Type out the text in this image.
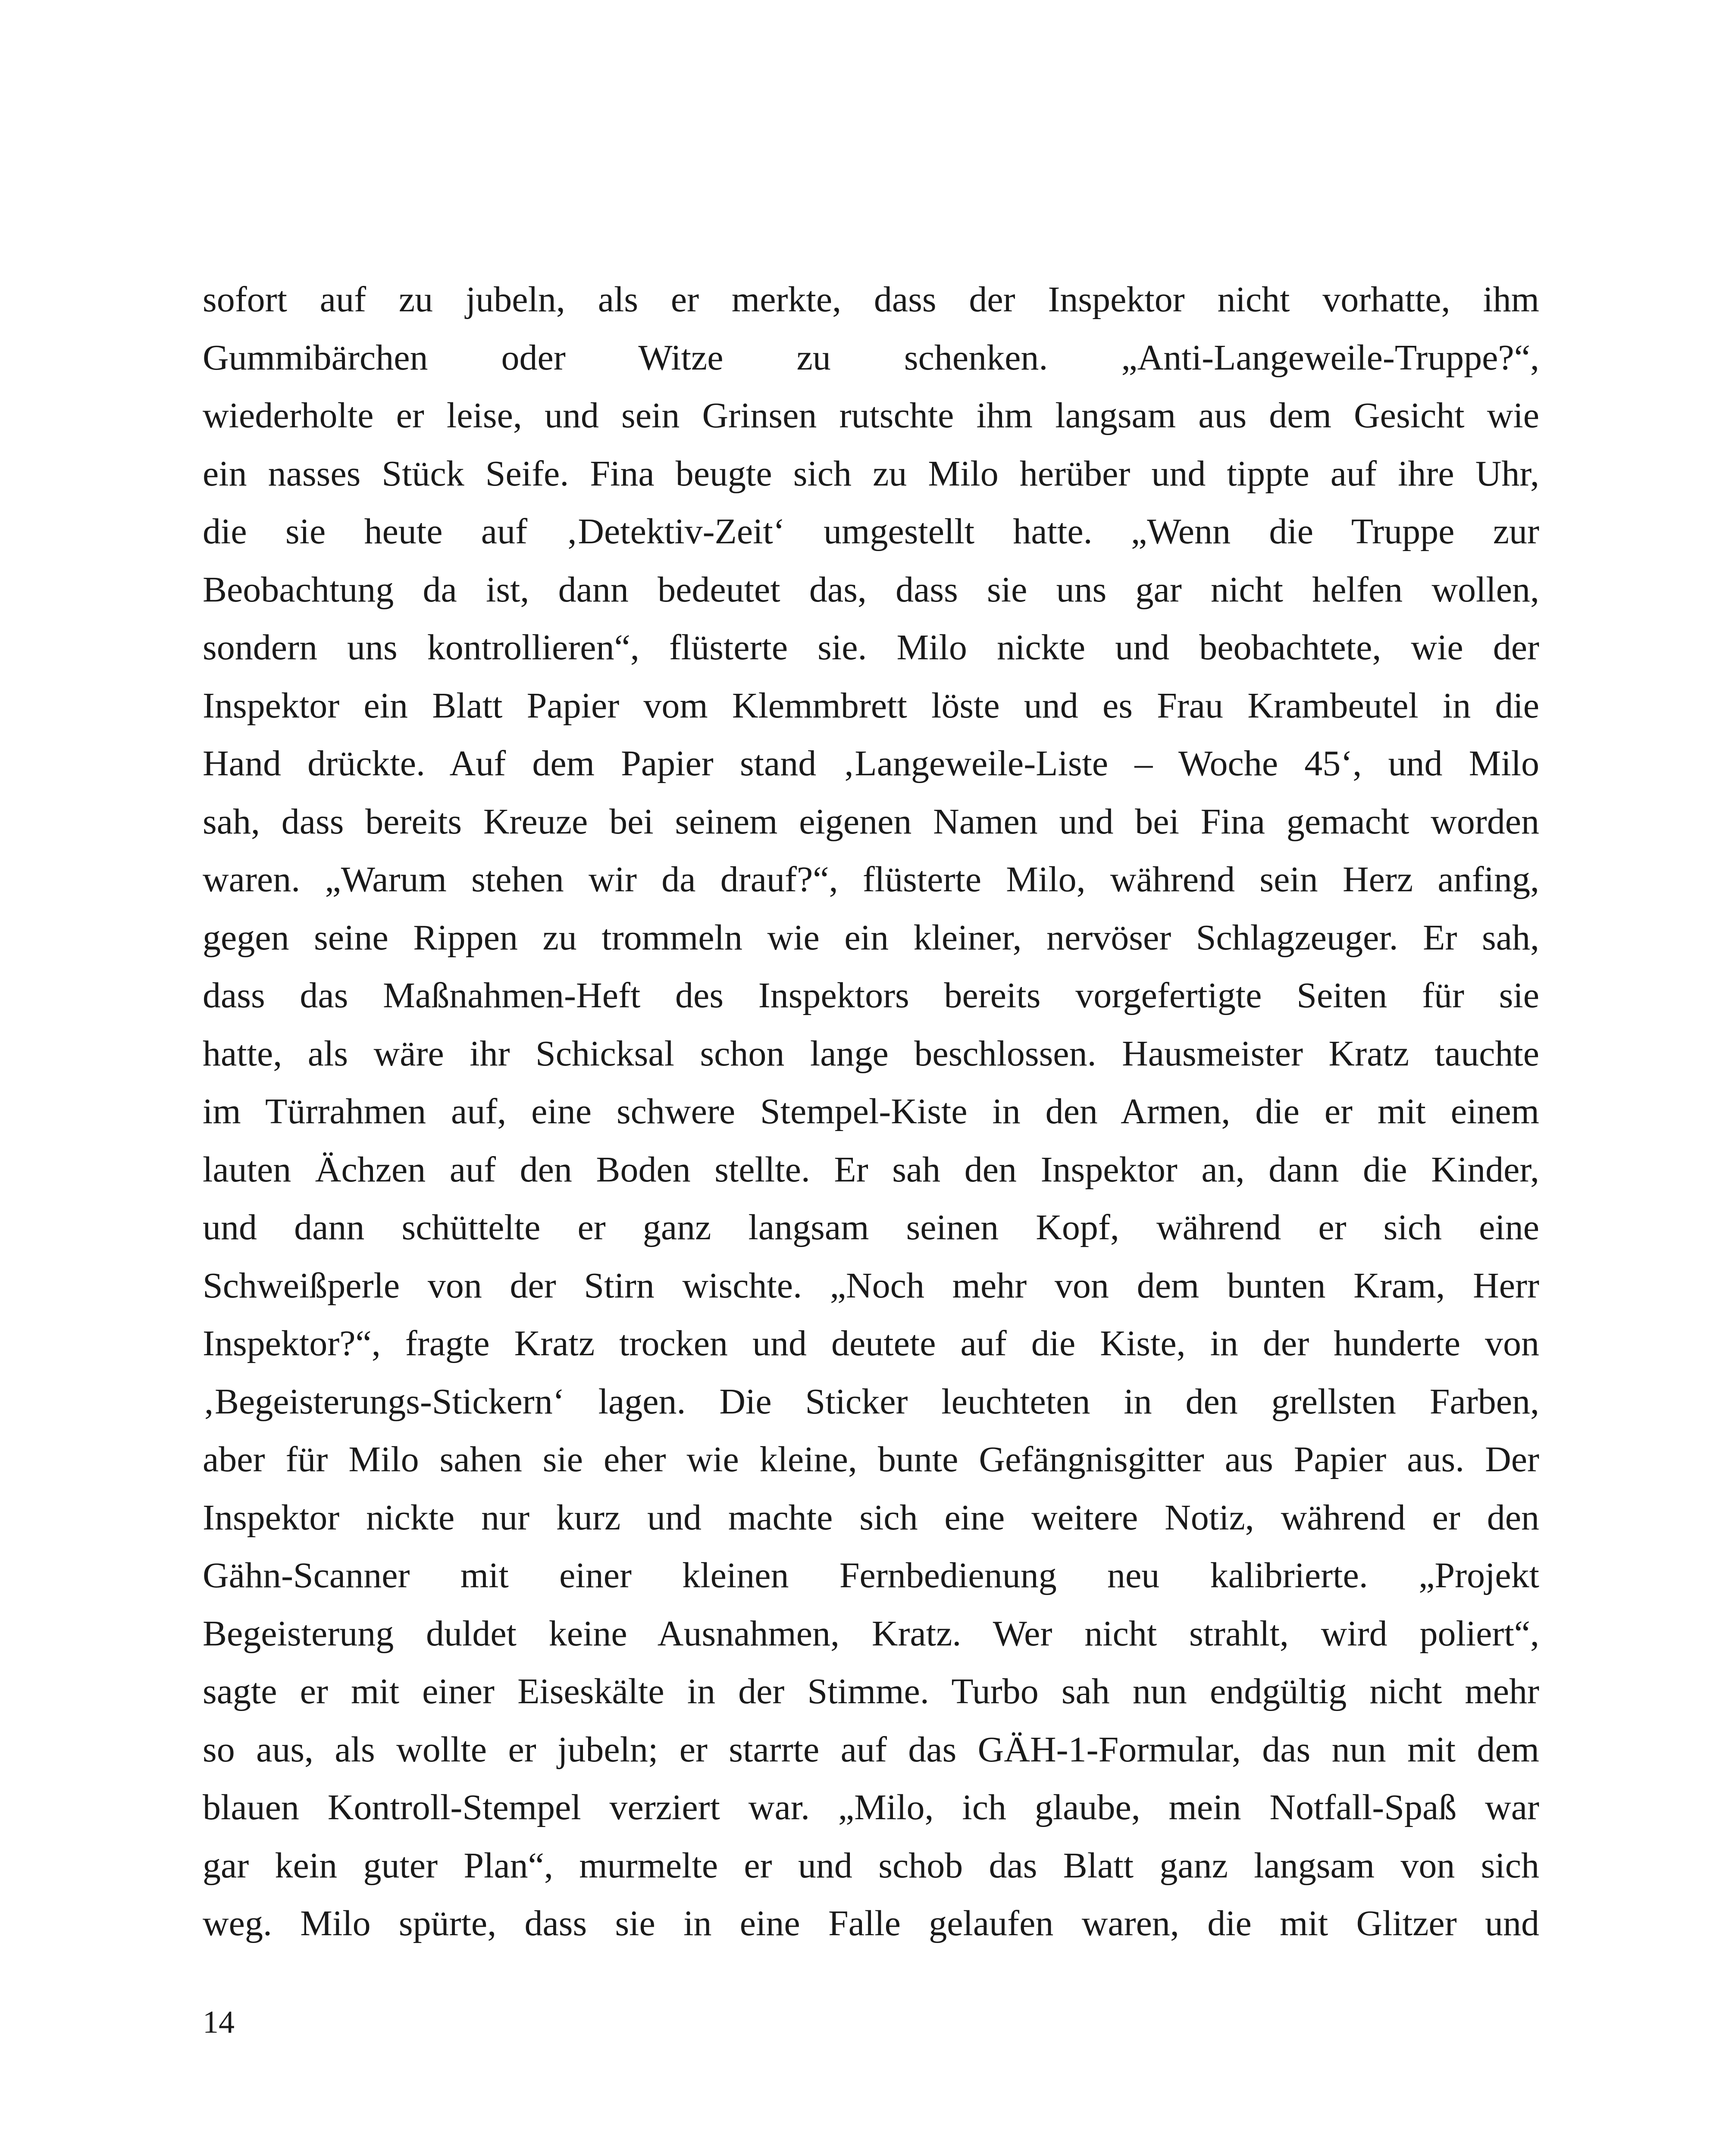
sofort auf zu jubeln, als er merkte, dass der Inspektor nicht vorhatte, ihm
Gummibärchen oder Witze zu schenken. „Anti-Langeweile-Truppe?“,
wiederholte er leise, und sein Grinsen rutschte ihm langsam aus dem Gesicht wie
ein nasses Stück Seife. Fina beugte sich zu Milo herüber und tippte auf ihre Uhr,
die sie heute auf ‚Detektiv-Zeit‘ umgestellt hatte. „Wenn die Truppe zur
Beobachtung da ist, dann bedeutet das, dass sie uns gar nicht helfen wollen,
sondern uns kontrollieren“, flüsterte sie. Milo nickte und beobachtete, wie der
Inspektor ein Blatt Papier vom Klemmbrett löste und es Frau Krambeutel in die
Hand drückte. Auf dem Papier stand ‚Langeweile-Liste – Woche 45‘, und Milo
sah, dass bereits Kreuze bei seinem eigenen Namen und bei Fina gemacht worden
waren. „Warum stehen wir da drauf?“, flüsterte Milo, während sein Herz anfing,
gegen seine Rippen zu trommeln wie ein kleiner, nervöser Schlagzeuger. Er sah,
dass das Maßnahmen-Heft des Inspektors bereits vorgefertigte Seiten für sie
hatte, als wäre ihr Schicksal schon lange beschlossen. Hausmeister Kratz tauchte
im Türrahmen auf, eine schwere Stempel-Kiste in den Armen, die er mit einem
lauten Ächzen auf den Boden stellte. Er sah den Inspektor an, dann die Kinder,
und dann schüttelte er ganz langsam seinen Kopf, während er sich eine
Schweißperle von der Stirn wischte. „Noch mehr von dem bunten Kram, Herr
Inspektor?“, fragte Kratz trocken und deutete auf die Kiste, in der hunderte von
‚Begeisterungs-Stickern‘ lagen. Die Sticker leuchteten in den grellsten Farben,
aber für Milo sahen sie eher wie kleine, bunte Gefängnisgitter aus Papier aus. Der
Inspektor nickte nur kurz und machte sich eine weitere Notiz, während er den
Gähn-Scanner mit einer kleinen Fernbedienung neu kalibrierte. „Projekt
Begeisterung duldet keine Ausnahmen, Kratz. Wer nicht strahlt, wird poliert“,
sagte er mit einer Eiseskälte in der Stimme. Turbo sah nun endgültig nicht mehr
so aus, als wollte er jubeln; er starrte auf das GÄH-1-Formular, das nun mit dem
blauen Kontroll-Stempel verziert war. „Milo, ich glaube, mein Notfall-Spaß war
gar kein guter Plan“, murmelte er und schob das Blatt ganz langsam von sich
weg. Milo spürte, dass sie in eine Falle gelaufen waren, die mit Glitzer und
14
